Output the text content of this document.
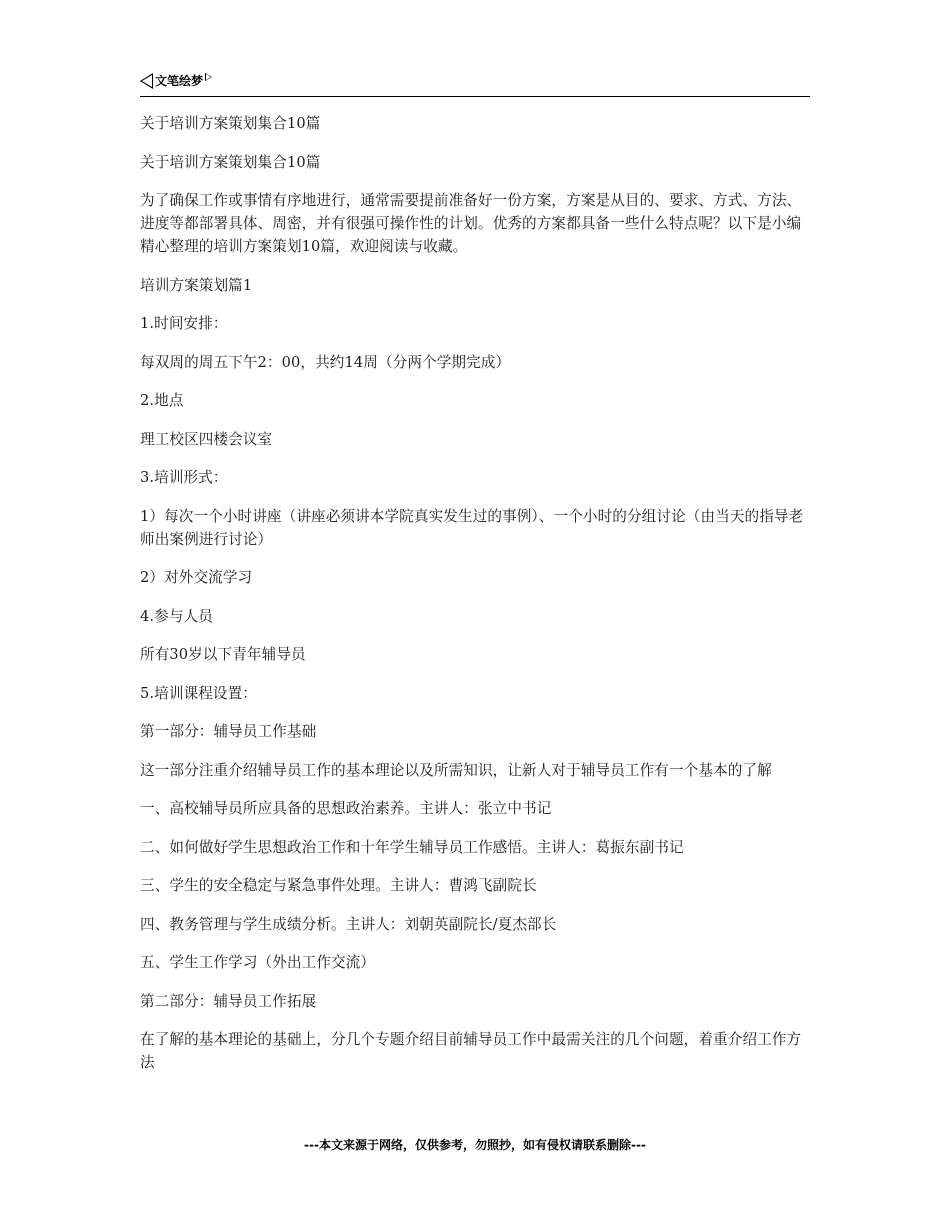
文笔绘梦

关于培训方案策划集合10篇

关于培训方案策划集合10篇

为了确保工作或事情有序地进行，通常需要提前准备好一份方案，方案是从目的、要求、方式、方法、进度等都部署具体、周密，并有很强可操作性的计划。优秀的方案都具备一些什么特点呢？以下是小编精心整理的培训方案策划10篇，欢迎阅读与收藏。

培训方案策划篇1

1.时间安排：

每双周的周五下午2：00，共约14周（分两个学期完成）

2.地点

理工校区四楼会议室

3.培训形式：

1）每次一个小时讲座（讲座必须讲本学院真实发生过的事例）、一个小时的分组讨论（由当天的指导老师出案例进行讨论）

2）对外交流学习

4.参与人员

所有30岁以下青年辅导员

5.培训课程设置：

第一部分：辅导员工作基础

这一部分注重介绍辅导员工作的基本理论以及所需知识，让新人对于辅导员工作有一个基本的了解

一、高校辅导员所应具备的思想政治素养。主讲人：张立中书记

二、如何做好学生思想政治工作和十年学生辅导员工作感悟。主讲人：葛振东副书记

三、学生的安全稳定与紧急事件处理。主讲人：曹鸿飞副院长

四、教务管理与学生成绩分析。主讲人：刘朝英副院长/夏杰部长

五、学生工作学习（外出工作交流）

第二部分：辅导员工作拓展

在了解的基本理论的基础上，分几个专题介绍目前辅导员工作中最需关注的几个问题，着重介绍工作方法

---本文来源于网络，仅供参考，勿照抄，如有侵权请联系删除---
